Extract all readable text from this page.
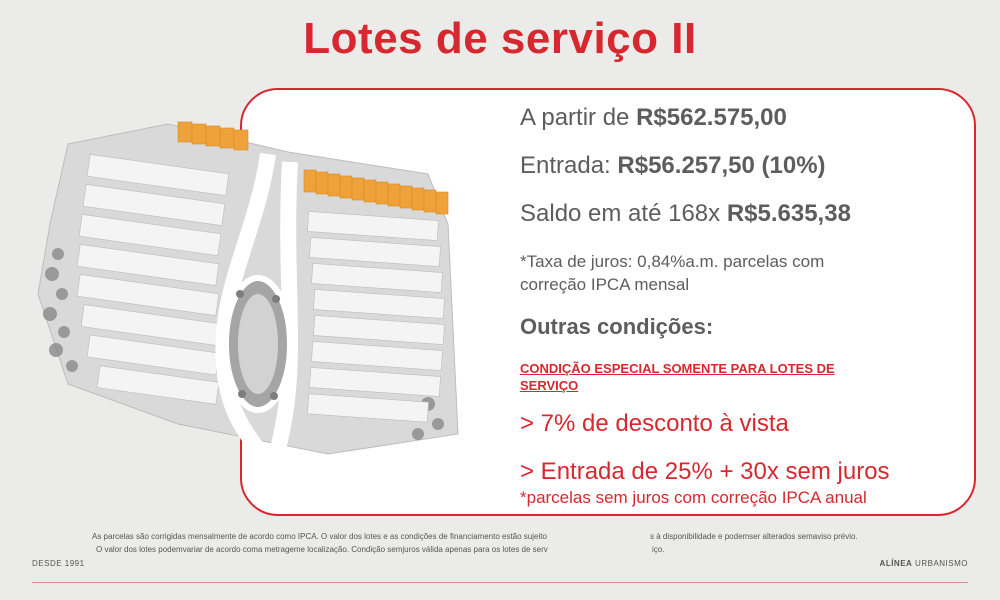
Lotes de serviço II
A partir de R$562.575,00
Entrada: R$56.257,50 (10%)
Saldo em até 168x R$5.635,38
*Taxa de juros: 0,84%a.m. parcelas com correção IPCA mensal
Outras condições:
CONDIÇÃO ESPECIAL SOMENTE PARA LOTES DE SERVIÇO
> 7% de desconto à vista
> Entrada de 25% + 30x sem juros
*parcelas sem juros com correção IPCA anual
As parcelas são corrigidas mensalmente de acordo como IPCA. O valor dos lotes e as condições de financiamento estão sujeito	s à disponibilidade e podemser alterados semaviso prévio.
O valor dos lotes podemvariar de acordo coma metrageme localização. Condição semjuros válida apenas para os lotes de serv	iço.
DESDE 1991	ALÍNEA URBANISMO
